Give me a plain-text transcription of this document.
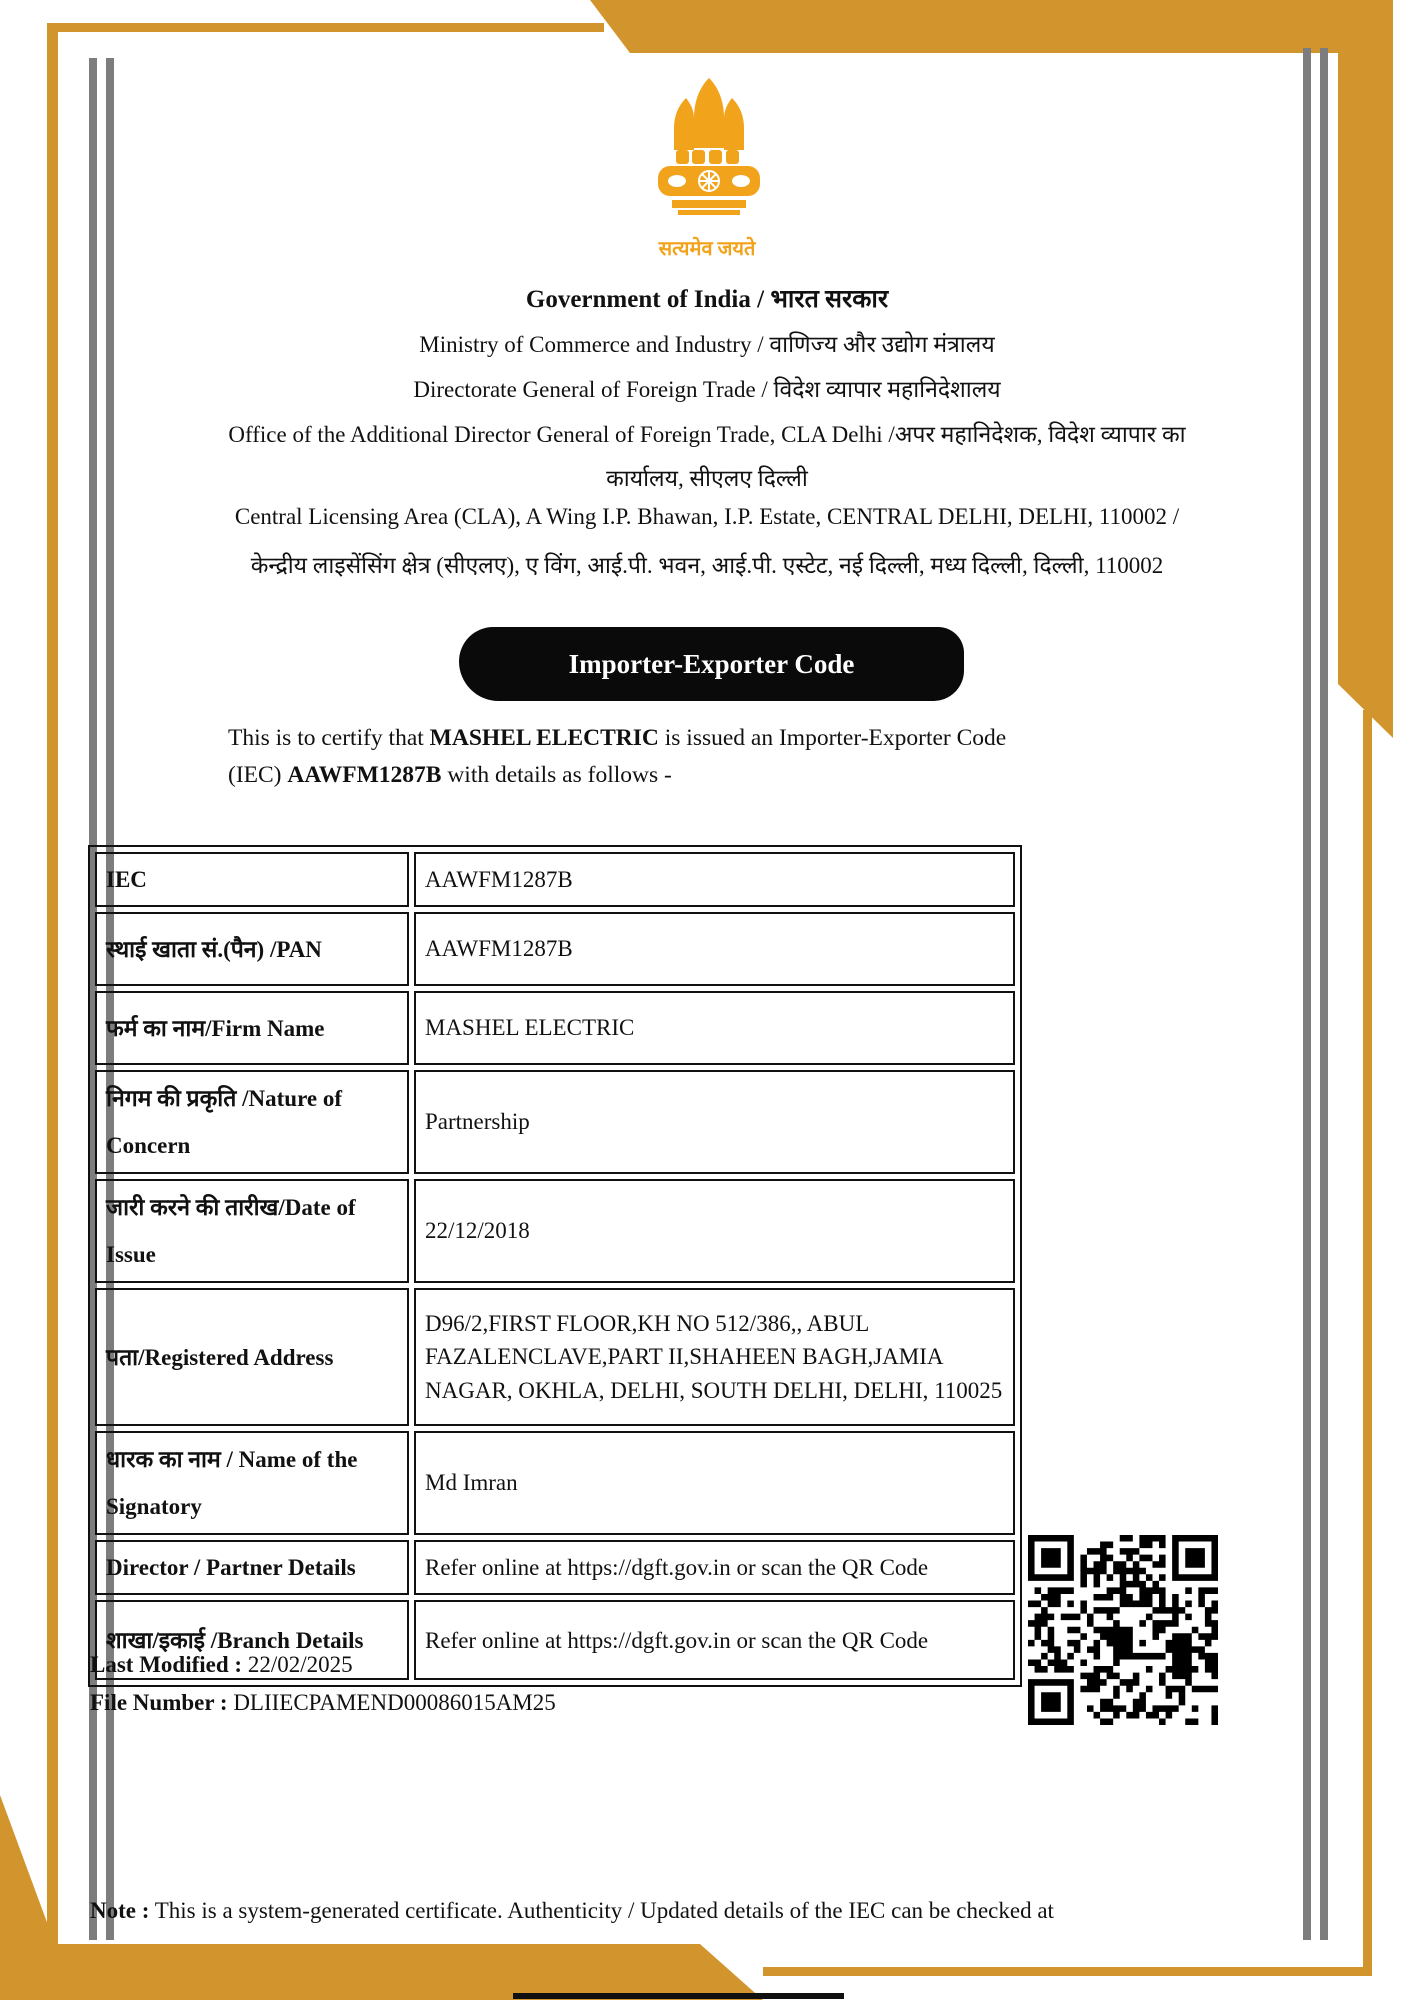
सत्यमेव जयते
Government of India / भारत सरकार
Ministry of Commerce and Industry / वाणिज्य और उद्योग मंत्रालय
Directorate General of Foreign Trade / विदेश व्यापार महानिदेशालय
Office of the Additional Director General of Foreign Trade, CLA Delhi /अपर महानिदेशक, विदेश व्यापार का
कार्यालय, सीएलए दिल्ली
Central Licensing Area (CLA), A Wing I.P. Bhawan, I.P. Estate, CENTRAL DELHI, DELHI, 110002 /
केन्द्रीय लाइसेंसिंग क्षेत्र (सीएलए), ए विंग, आई.पी. भवन, आई.पी. एस्टेट, नई दिल्ली, मध्य दिल्ली, दिल्ली, 110002
Importer-Exporter Code
This is to certify that MASHEL ELECTRIC is issued an Importer-Exporter Code
(IEC) AAWFM1287B with details as follows -
IEC	AAWFM1287B
स्थाई खाता सं.(पैन) /PAN	AAWFM1287B
फर्म का नाम/Firm Name	MASHEL ELECTRIC
निगम की प्रकृति /Nature of Concern	Partnership
जारी करने की तारीख/Date of Issue	22/12/2018
पता/Registered Address	D96/2,FIRST FLOOR,KH NO 512/386,, ABUL FAZALENCLAVE,PART II,SHAHEEN BAGH,JAMIA NAGAR, OKHLA, DELHI, SOUTH DELHI, DELHI, 110025
धारक का नाम / Name of the Signatory	Md Imran
Director / Partner Details	Refer online at https://dgft.gov.in or scan the QR Code
शाखा/इकाई /Branch Details	Refer online at https://dgft.gov.in or scan the QR Code
Last Modified : 22/02/2025
File Number : DLIIECPAMEND00086015AM25
Note : This is a system-generated certificate. Authenticity / Updated details of the IEC can be checked at
